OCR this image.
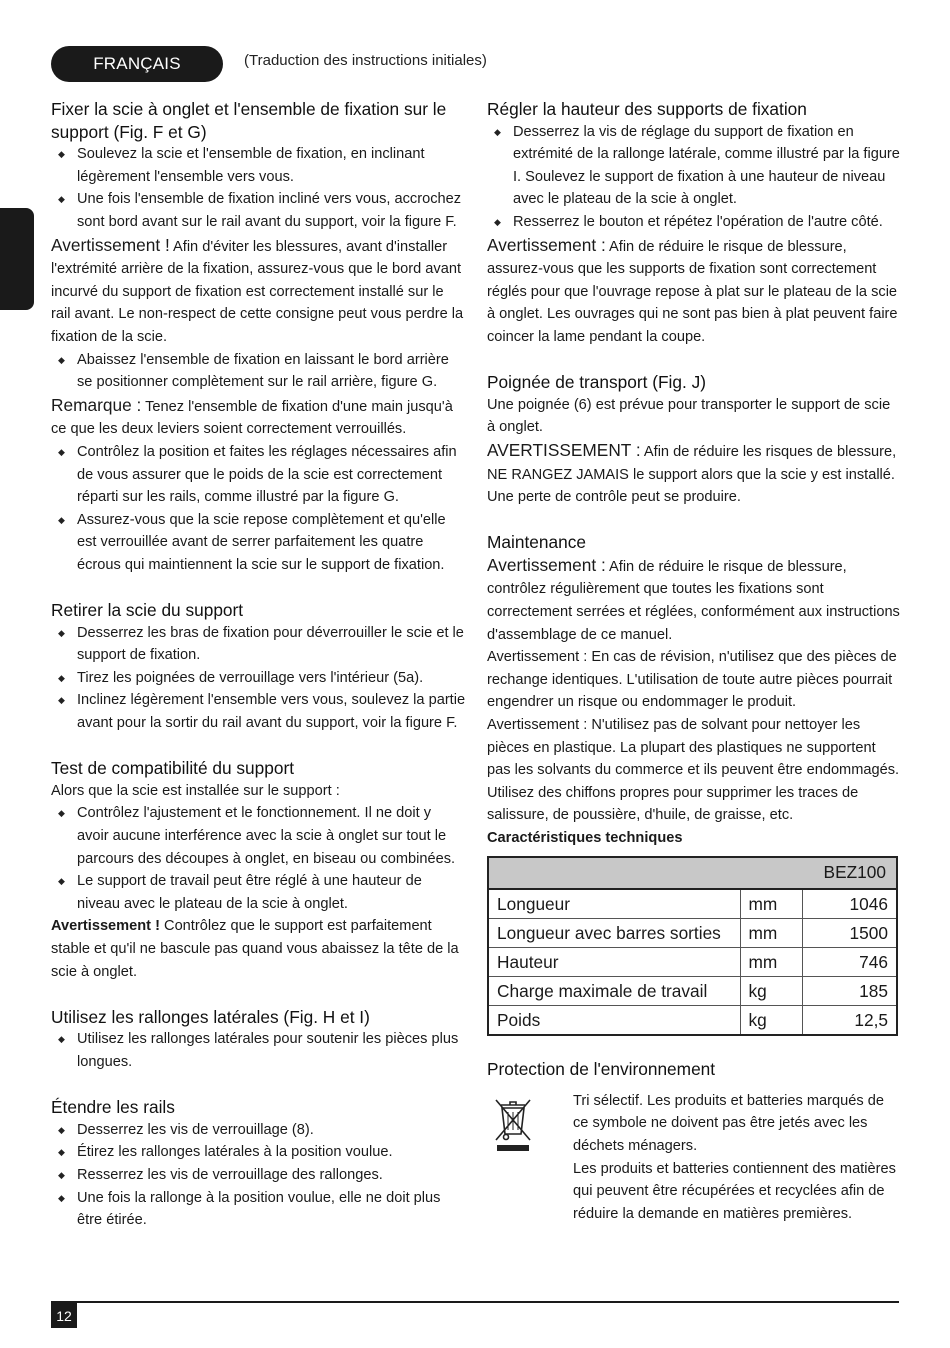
FRANÇAIS	(Traduction des instructions initiales)
Fixer la scie à onglet et l'ensemble de fixation sur le support (Fig. F et G)
◆ Soulevez la scie et l'ensemble de fixation, en inclinant légèrement l'ensemble vers vous.
◆ Une fois l'ensemble de fixation incliné vers vous, accrochez sont bord avant sur le rail avant du support, voir la figure F.

Avertissement ! Afin d'éviter les blessures, avant d'installer l'extrémité arrière de la fixation, assurez-vous que le bord avant incurvé du support de fixation est correctement installé sur le rail avant. Le non-respect de cette consigne peut vous perdre la fixation de la scie.

◆ Abaissez l'ensemble de fixation en laissant le bord arrière se positionner complètement sur le rail arrière, figure G.

Remarque : Tenez l'ensemble de fixation d'une main jusqu'à ce que les deux leviers soient correctement verrouillés.

◆ Contrôlez la position et faites les réglages nécessaires afin de vous assurer que le poids de la scie est correctement réparti sur les rails, comme illustré par la figure G.
◆ Assurez-vous que la scie repose complètement et qu'elle est verrouillée avant de serrer parfaitement les quatre écrous qui maintiennent la scie sur le support de fixation.
Retirer la scie du support
◆ Desserrez les bras de fixation pour déverrouiller le scie et le support de fixation.
◆ Tirez les poignées de verrouillage vers l'intérieur (5a).
◆ Inclinez légèrement l'ensemble vers vous, soulevez la partie avant pour la sortir du rail avant du support, voir la figure F.
Test de compatibilité du support

Alors que la scie est installée sur le support :

◆ Contrôlez l'ajustement et le fonctionnement. Il ne doit y avoir aucune interférence avec la scie à onglet sur tout le parcours des découpes à onglet, en biseau ou combinées.
◆ Le support de travail peut être réglé à une hauteur de niveau avec le plateau de la scie à onglet.

Avertissement ! Contrôlez que le support est parfaitement stable et qu'il ne bascule pas quand vous abaissez la tête de la scie à onglet.

Utilisez les rallonges latérales (Fig. H et I)
◆ Utilisez les rallonges latérales pour soutenir les pièces plus longues.
Étendre les rails
◆ Desserrez les vis de verrouillage (8).
◆ Étirez les rallonges latérales à la position voulue.
◆ Resserrez les vis de verrouillage des rallonges.
◆ Une fois la rallonge à la position voulue, elle ne doit plus être étirée.
Régler la hauteur des supports de fixation
◆ Desserrez la vis de réglage du support de fixation en extrémité de la rallonge latérale, comme illustré par la figure I. Soulevez le support de fixation à une hauteur de niveau avec le plateau de la scie à onglet.
◆ Resserrez le bouton et répétez l'opération de l'autre côté.

Avertissement : Afin de réduire le risque de blessure, assurez-vous que les supports de fixation sont correctement réglés pour que l'ouvrage repose à plat sur le plateau de la scie à onglet. Les ouvrages qui ne sont pas bien à plat peuvent faire coincer la lame pendant la coupe.

Poignée de transport (Fig. J)

Une poignée (6) est prévue pour transporter le support de scie à onglet.

AVERTISSEMENT : Afin de réduire les risques de blessure, NE RANGEZ JAMAIS le support alors que la scie y est installé. Une perte de contrôle peut se produire.

Maintenance

Avertissement : Afin de réduire le risque de blessure, contrôlez régulièrement que toutes les fixations sont correctement serrées et réglées, conformément aux instructions d'assemblage de ce manuel.

Avertissement : En cas de révision, n'utilisez que des pièces de rechange identiques. L'utilisation de toute autre pièces pourrait engendrer un risque ou endommager le produit.

Avertissement : N'utilisez pas de solvant pour nettoyer les pièces en plastique. La plupart des plastiques ne supportent pas les solvants du commerce et ils peuvent être endommagés. Utilisez des chiffons propres pour supprimer les traces de salissure, de poussière, d'huile, de graisse, etc.

Caractéristiques techniques

BEZ100		
Longueur	mm	1046
Longueur avec barres sorties	mm	1500
Hauteur	mm	746
Charge maximale de travail	kg	185
Poids	kg	12,5
Protection de l'environnement

Tri sélectif. Les produits et batteries marqués de ce symbole ne doivent pas être jetés avec les déchets ménagers.

Les produits et batteries contiennent des matières qui peuvent être récupérées et recyclées afin de réduire la demande en matières premières.

12
